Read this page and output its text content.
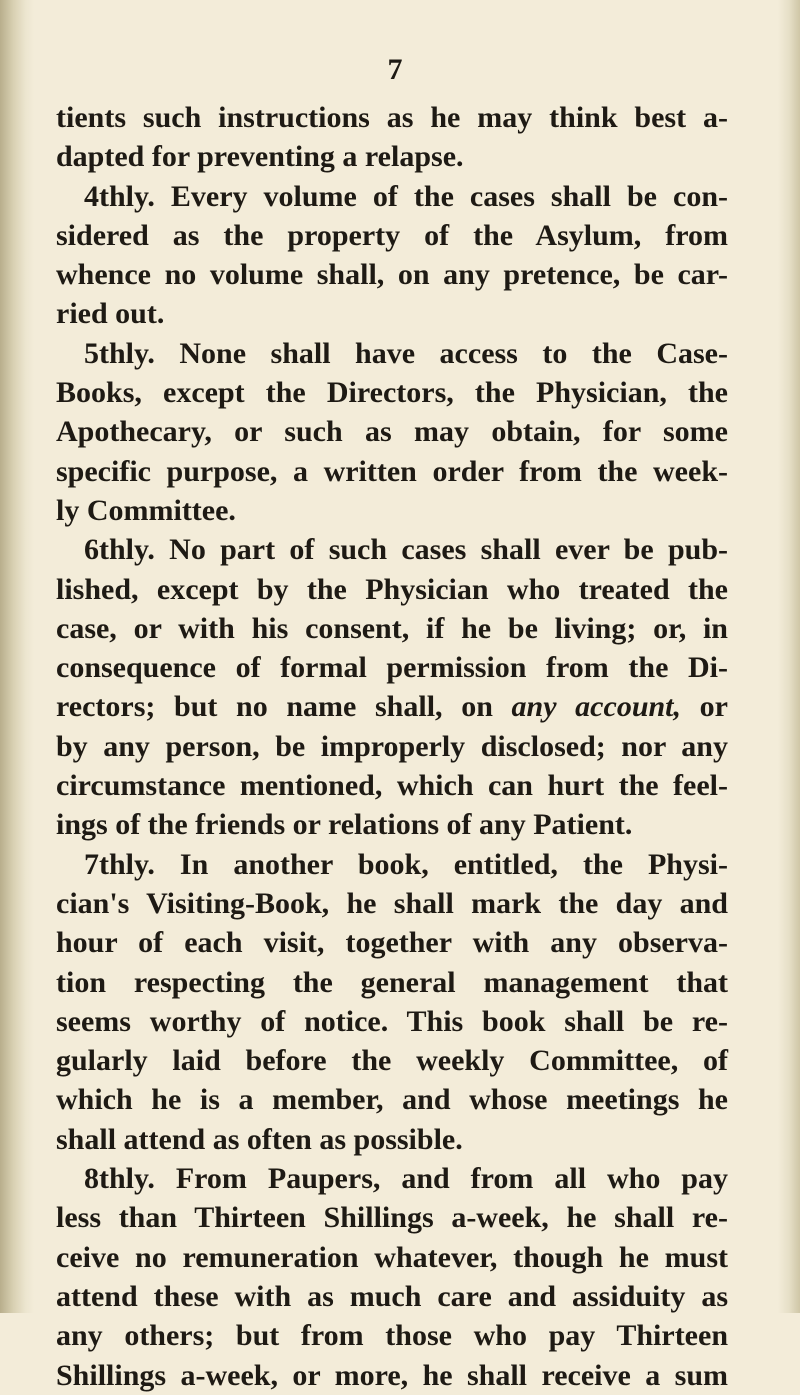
7

tients such instructions as he may think best a-
dapted for preventing a relapse.
4thly. Every volume of the cases shall be con-
sidered as the property of the Asylum, from
whence no volume shall, on any pretence, be car-
ried out.
5thly. None shall have access to the Case-
Books, except the Directors, the Physician, the
Apothecary, or such as may obtain, for some
specific purpose, a written order from the week-
ly Committee.
6thly. No part of such cases shall ever be pub-
lished, except by the Physician who treated the
case, or with his consent, if he be living; or, in
consequence of formal permission from the Di-
rectors; but no name shall, on any account, or
by any person, be improperly disclosed; nor any
circumstance mentioned, which can hurt the feel-
ings of the friends or relations of any Patient.
7thly. In another book, entitled, the Physi-
cian's Visiting-Book, he shall mark the day and
hour of each visit, together with any observa-
tion respecting the general management that
seems worthy of notice. This book shall be re-
gularly laid before the weekly Committee, of
which he is a member, and whose meetings he
shall attend as often as possible.
8thly. From Paupers, and from all who pay
less than Thirteen Shillings a-week, he shall re-
ceive no remuneration whatever, though he must
attend these with as much care and assiduity as
any others; but from those who pay Thirteen
Shillings a-week, or more, he shall receive a sum
